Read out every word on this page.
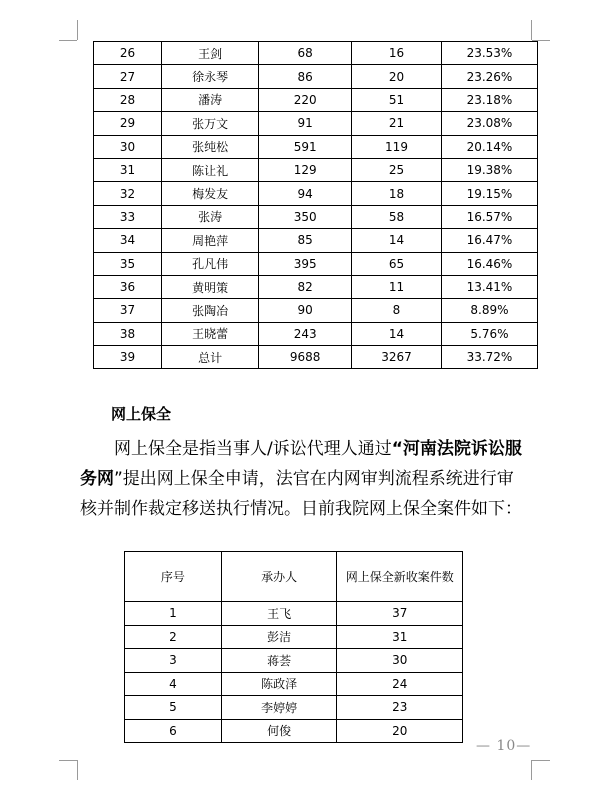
26	王剑	68	16	23.53%
27	徐永琴	86	20	23.26%
28	潘涛	220	51	23.18%
29	张万文	91	21	23.08%
30	张纯松	591	119	20.14%
31	陈让礼	129	25	19.38%
32	梅发友	94	18	19.15%
33	张涛	350	58	16.57%
34	周艳萍	85	14	16.47%
35	孔凡伟	395	65	16.46%
36	黄明策	82	11	13.41%
37	张陶冶	90	8	8.89%
38	王晓蕾	243	14	5.76%
39	总计	9688	3267	33.72%
网上保全
网上保全是指当事人/诉讼代理人通过“河南法院诉讼服
务网”提出网上保全申请，法官在内网审判流程系统进行审
核并制作裁定移送执行情况。日前我院网上保全案件如下：
序号	承办人	网上保全新收案件数
1	王飞	37
2	彭洁	31
3	蒋荟	30
4	陈政泽	24
5	李婷婷	23
6	何俊	20
— 10—
